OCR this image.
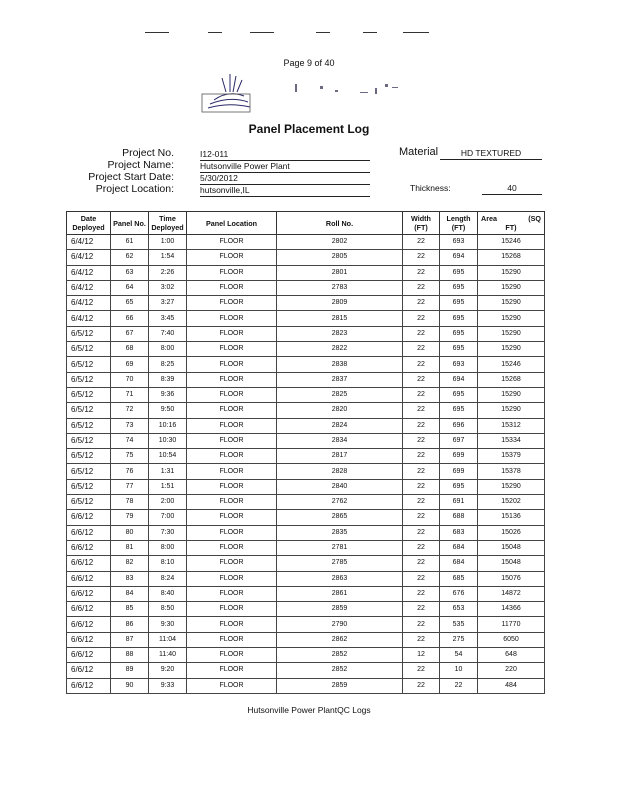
Page 9 of 40
Panel Placement Log
Project No.	I12-011
Project Name:	Hutsonville Power Plant
Project Start Date:	5/30/2012
Project Location:	hutsonville,IL
Material	HD TEXTURED
Thickness:	40
Date Deployed	Panel No.	Time Deployed	Panel Location	Roll No.	Width (FT)	Length (FT)	Area (SQ
FT)

6/4/12	61	1:00	FLOOR	2802	22	693	15246
6/4/12	62	1:54	FLOOR	2805	22	694	15268
6/4/12	63	2:26	FLOOR	2801	22	695	15290
6/4/12	64	3:02	FLOOR	2783	22	695	15290
6/4/12	65	3:27	FLOOR	2809	22	695	15290
6/4/12	66	3:45	FLOOR	2815	22	695	15290
6/5/12	67	7:40	FLOOR	2823	22	695	15290
6/5/12	68	8:00	FLOOR	2822	22	695	15290
6/5/12	69	8:25	FLOOR	2838	22	693	15246
6/5/12	70	8:39	FLOOR	2837	22	694	15268
6/5/12	71	9:36	FLOOR	2825	22	695	15290
6/5/12	72	9:50	FLOOR	2820	22	695	15290
6/5/12	73	10:16	FLOOR	2824	22	696	15312
6/5/12	74	10:30	FLOOR	2834	22	697	15334
6/5/12	75	10:54	FLOOR	2817	22	699	15379
6/5/12	76	1:31	FLOOR	2828	22	699	15378
6/5/12	77	1:51	FLOOR	2840	22	695	15290
6/5/12	78	2:00	FLOOR	2762	22	691	15202
6/6/12	79	7:00	FLOOR	2865	22	688	15136
6/6/12	80	7:30	FLOOR	2835	22	683	15026
6/6/12	81	8:00	FLOOR	2781	22	684	15048
6/6/12	82	8:10	FLOOR	2785	22	684	15048
6/6/12	83	8:24	FLOOR	2863	22	685	15076
6/6/12	84	8:40	FLOOR	2861	22	676	14872
6/6/12	85	8:50	FLOOR	2859	22	653	14366
6/6/12	86	9:30	FLOOR	2790	22	535	11770
6/6/12	87	11:04	FLOOR	2862	22	275	6050
6/6/12	88	11:40	FLOOR	2852	12	54	648
6/6/12	89	9:20	FLOOR	2852	22	10	220
6/6/12	90	9:33	FLOOR	2859	22	22	484
Hutsonville Power PlantQC Logs
